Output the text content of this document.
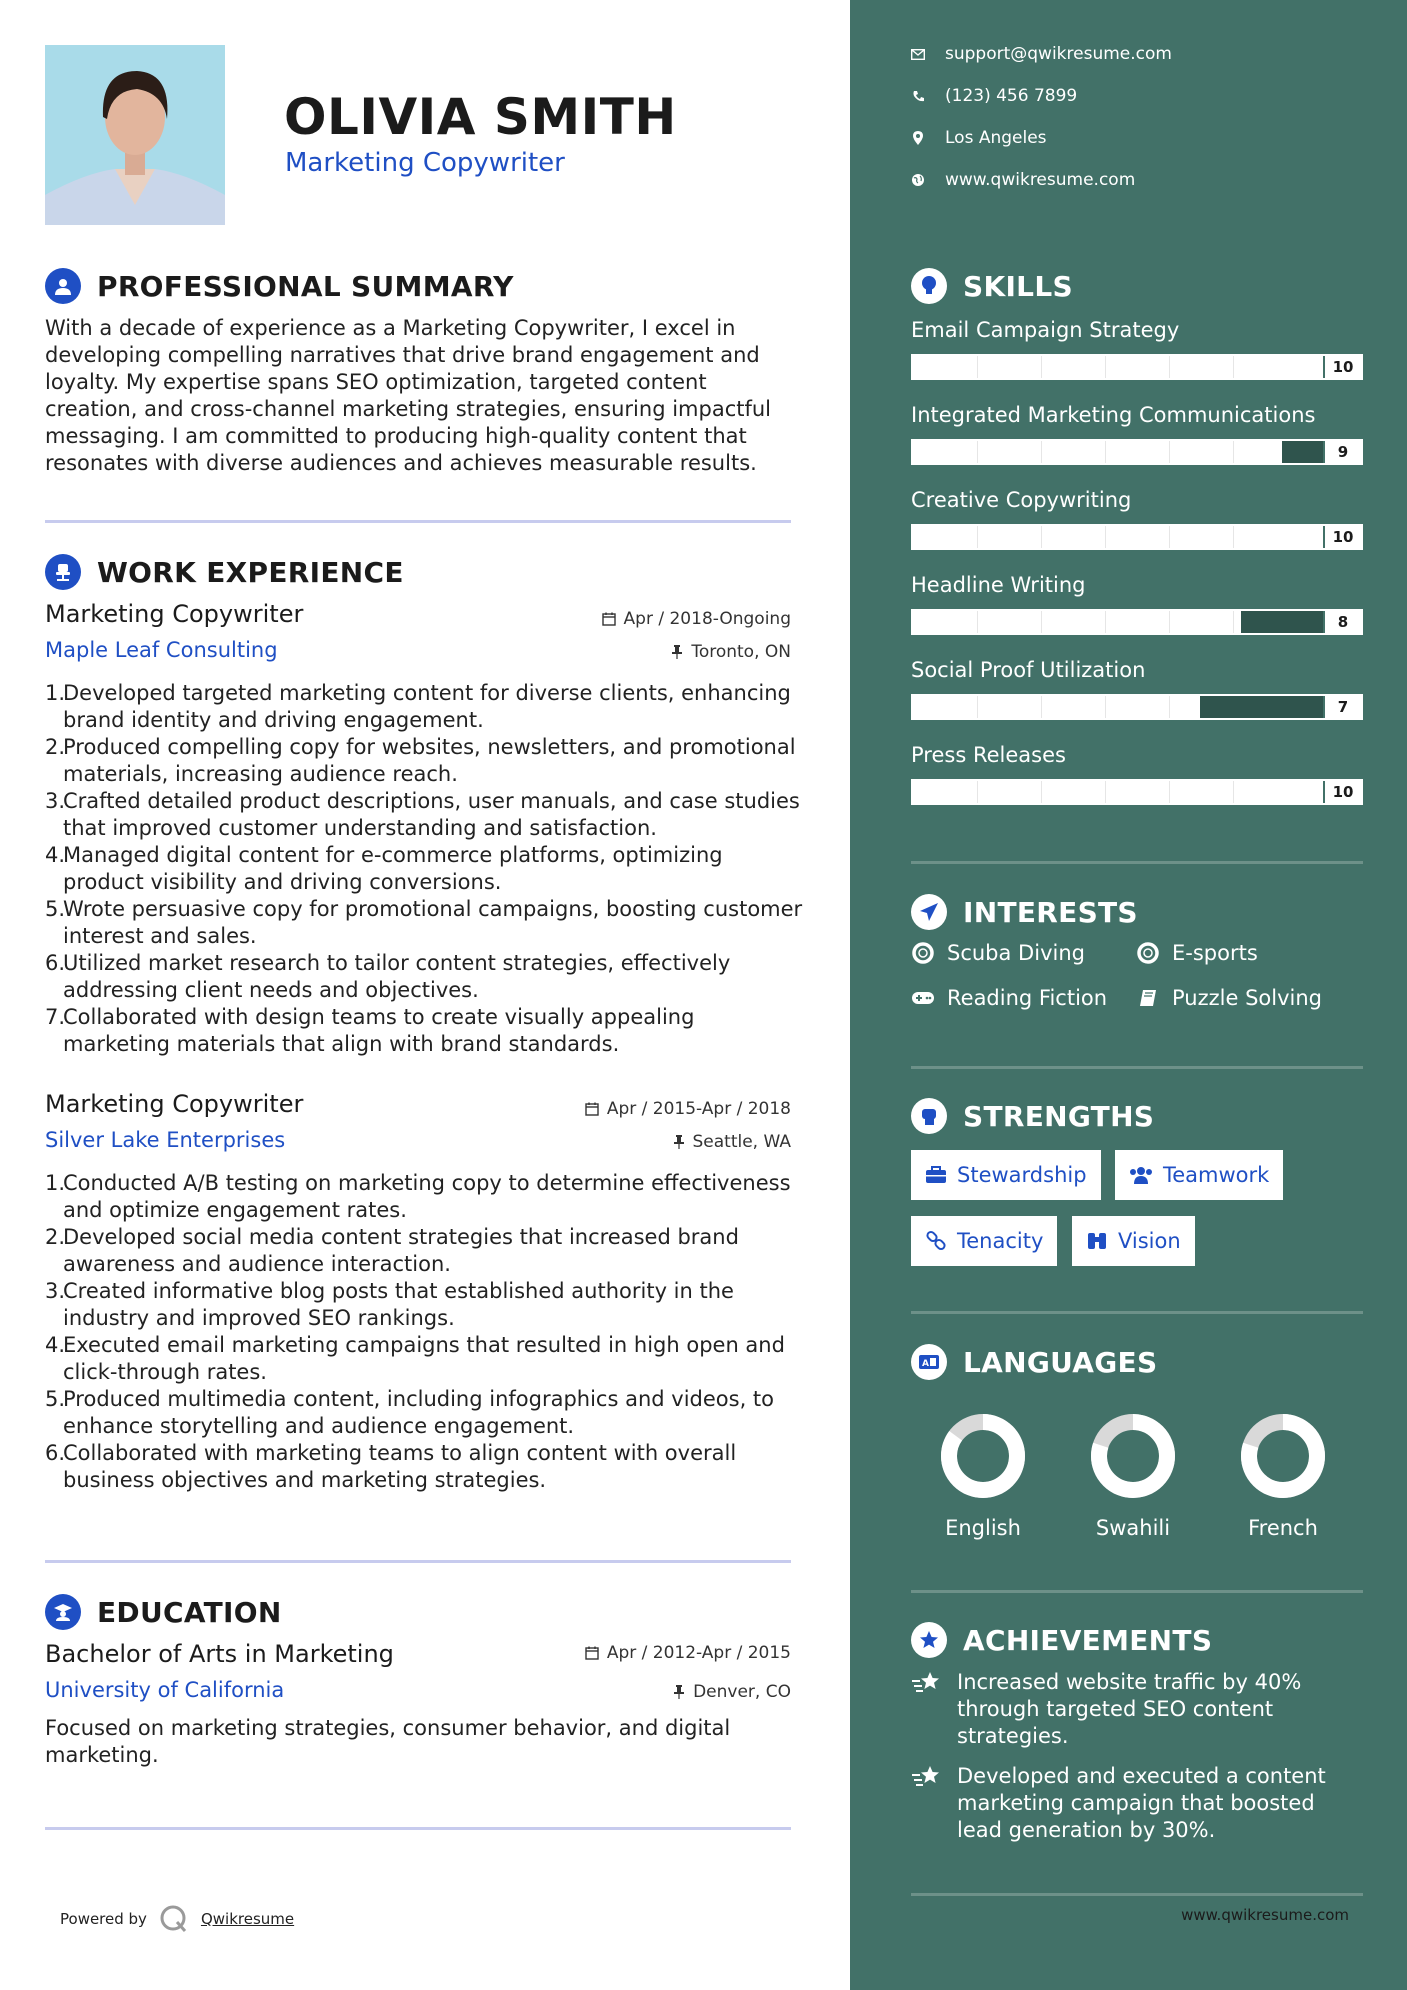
OLIVIA SMITH
Marketing Copywriter
PROFESSIONAL SUMMARY
With a decade of experience as a Marketing Copywriter, I excel in developing compelling narratives that drive brand engagement and loyalty. My expertise spans SEO optimization, targeted content creation, and cross-channel marketing strategies, ensuring impactful messaging. I am committed to producing high-quality content that resonates with diverse audiences and achieves measurable results.
WORK EXPERIENCE
Marketing Copywriter	Apr / 2018-Ongoing
Maple Leaf Consulting	Toronto, ON
1.
Developed targeted marketing content for diverse clients, enhancing brand identity and driving engagement.
2.
Produced compelling copy for websites, newsletters, and promotional materials, increasing audience reach.
3.
Crafted detailed product descriptions, user manuals, and case studies that improved customer understanding and satisfaction.
4.
Managed digital content for e-commerce platforms, optimizing product visibility and driving conversions.
5.
Wrote persuasive copy for promotional campaigns, boosting customer interest and sales.
6.
Utilized market research to tailor content strategies, effectively addressing client needs and objectives.
7.
Collaborated with design teams to create visually appealing marketing materials that align with brand standards.
Marketing Copywriter	Apr / 2015-Apr / 2018
Silver Lake Enterprises	Seattle, WA
1.
Conducted A/B testing on marketing copy to determine effectiveness and optimize engagement rates.
2.
Developed social media content strategies that increased brand awareness and audience interaction.
3.
Created informative blog posts that established authority in the industry and improved SEO rankings.
4.
Executed email marketing campaigns that resulted in high open and click-through rates.
5.
Produced multimedia content, including infographics and videos, to enhance storytelling and audience engagement.
6.
Collaborated with marketing teams to align content with overall business objectives and marketing strategies.
EDUCATION
Bachelor of Arts in Marketing	Apr / 2012-Apr / 2015
University of California	Denver, CO
Focused on marketing strategies, consumer behavior, and digital marketing.
Powered by	Qwikresume
support@qwikresume.com
(123) 456 7899
Los Angeles
www.qwikresume.com
SKILLS
Email Campaign Strategy
10
Integrated Marketing Communications
9
Creative Copywriting
10
Headline Writing
8
Social Proof Utilization
7
Press Releases
10
INTERESTS
Scuba Diving	E-sports
Reading Fiction	Puzzle Solving
STRENGTHS
Stewardship	Teamwork
Tenacity	Vision
A LANGUAGES
English	Swahili	French
ACHIEVEMENTS
Increased website traffic by 40% through targeted SEO content strategies.
Developed and executed a content marketing campaign that boosted lead generation by 30%.
www.qwikresume.com
